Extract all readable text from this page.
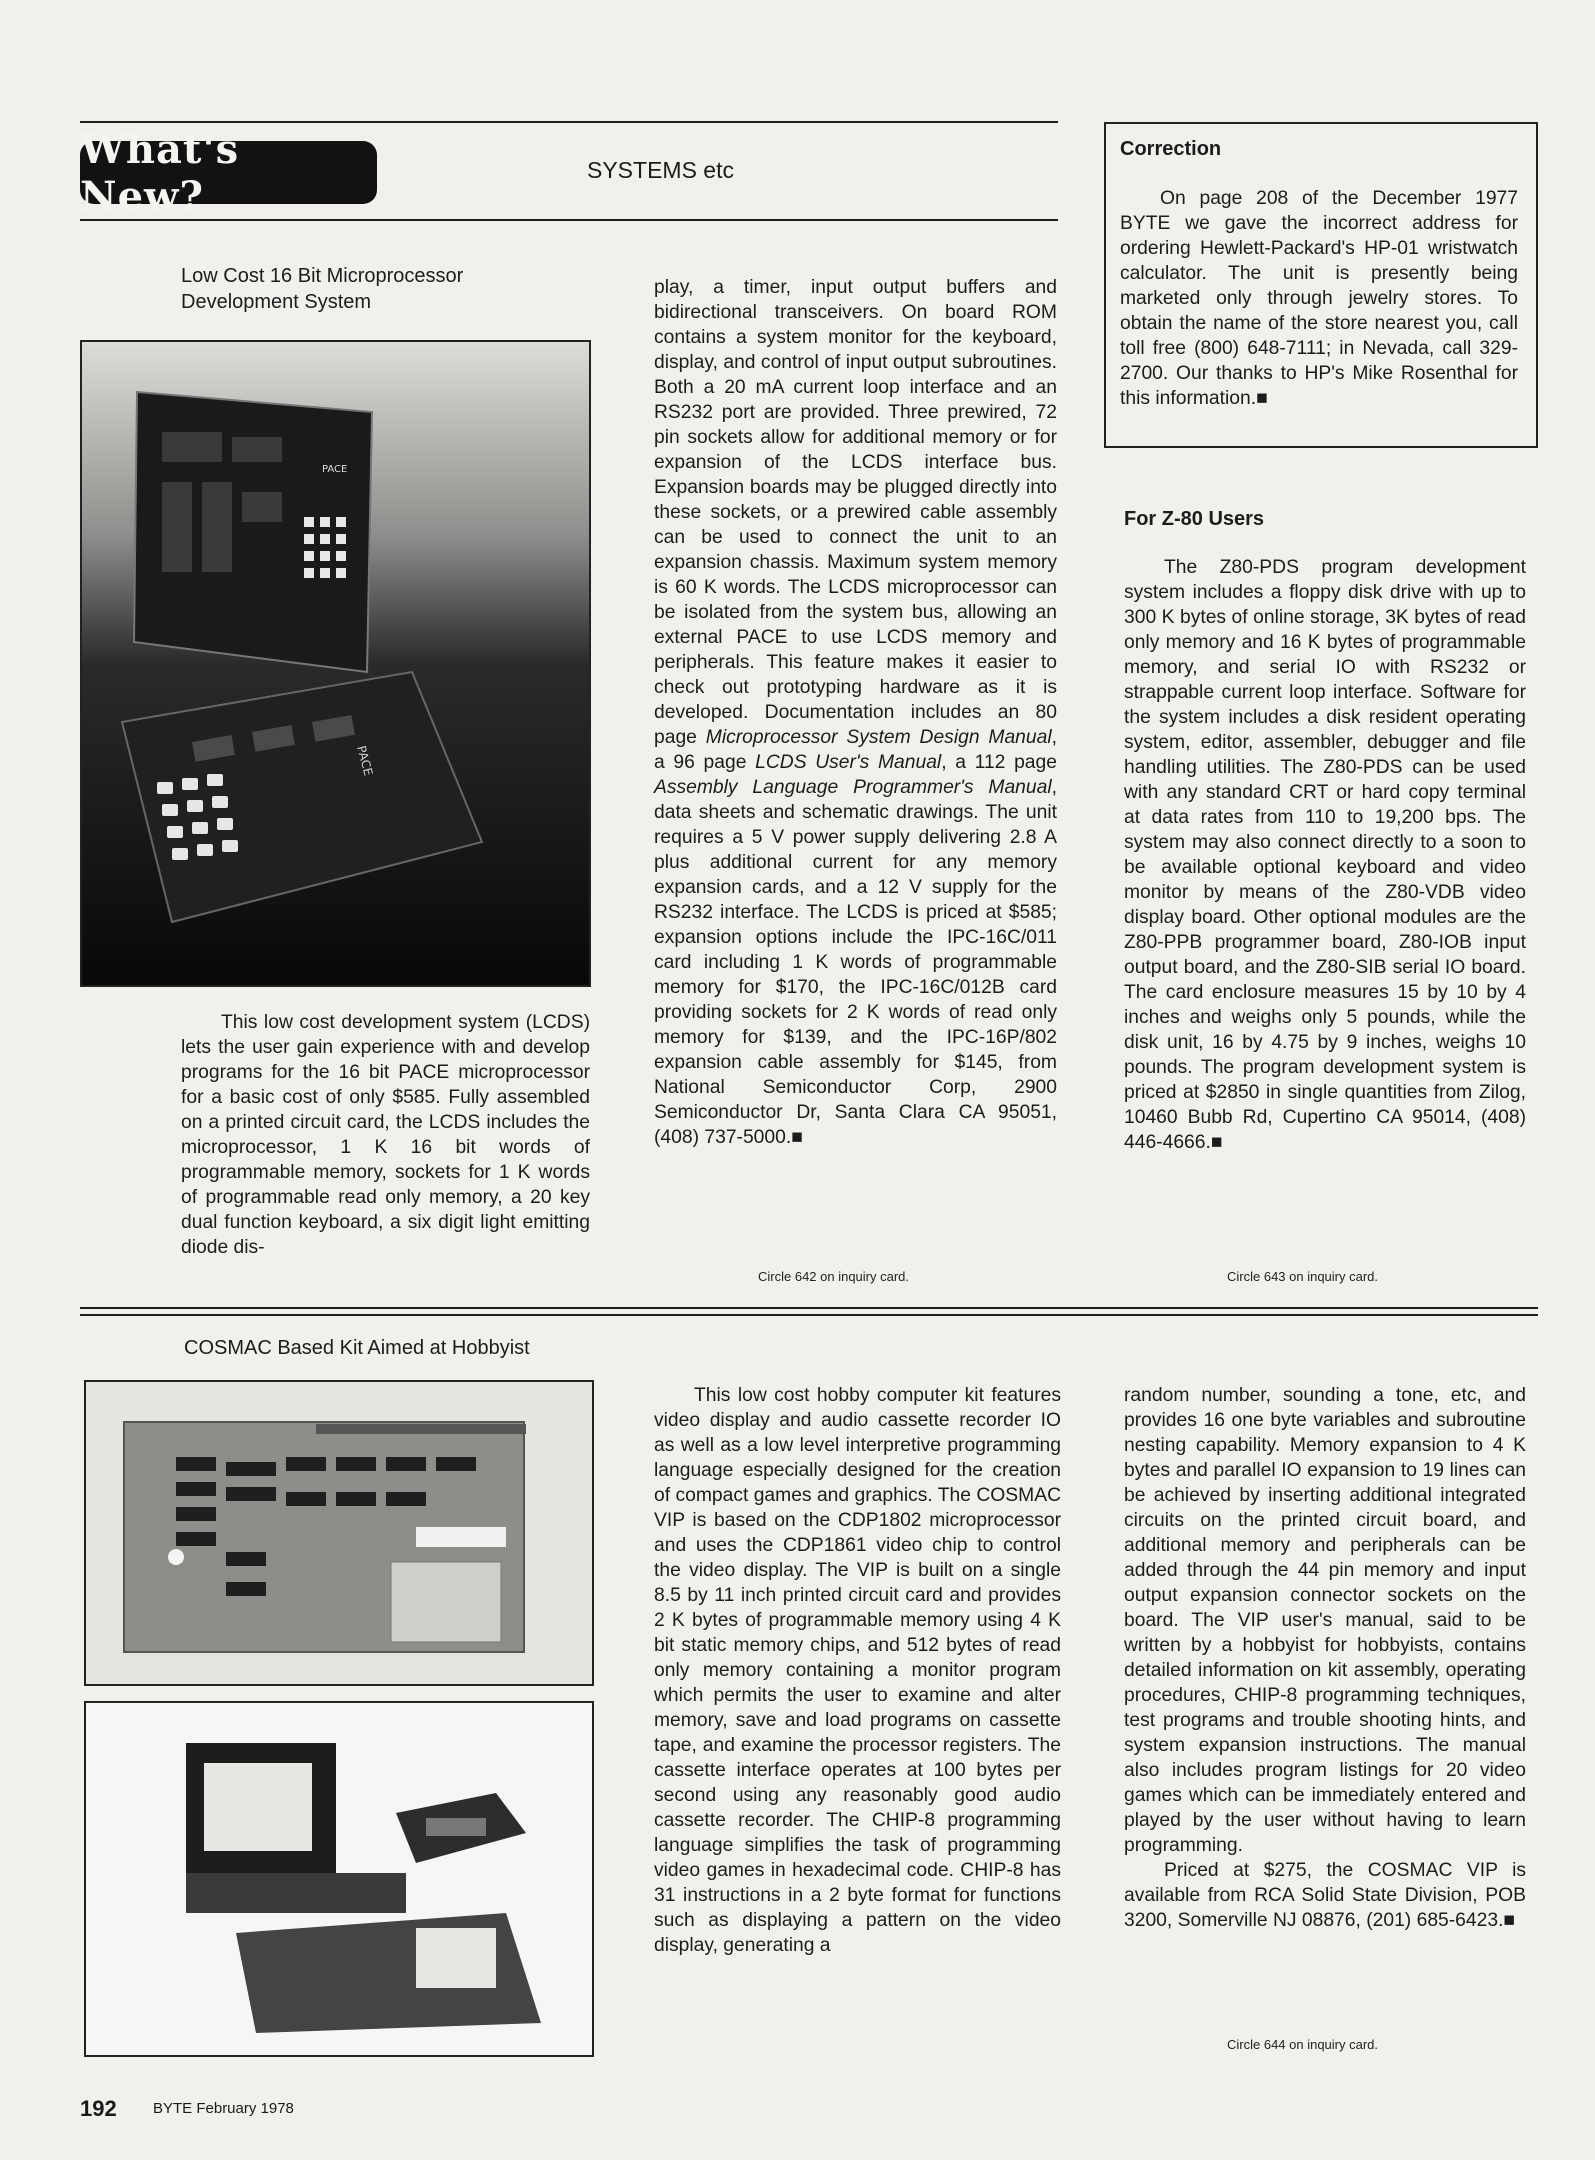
What's New?
SYSTEMS etc
Low Cost 16 Bit Microprocessor Development System
PACE
PACE

This low cost development system (LCDS) lets the user gain experience with and develop programs for the 16 bit PACE microprocessor for a basic cost of only $585. Fully assembled on a printed circuit card, the LCDS includes the microprocessor, 1 K 16 bit words of programmable memory, sockets for 1 K words of programmable read only memory, a 20 key dual function keyboard, a six digit light emitting diode dis-

play, a timer, input output buffers and bidirectional transceivers. On board ROM contains a system monitor for the keyboard, display, and control of input output subroutines. Both a 20 mA current loop interface and an RS232 port are provided. Three prewired, 72 pin sockets allow for additional memory or for expansion of the LCDS interface bus. Expansion boards may be plugged directly into these sockets, or a prewired cable assembly can be used to connect the unit to an expansion chassis. Maximum system memory is 60 K words. The LCDS microprocessor can be isolated from the system bus, allowing an external PACE to use LCDS memory and peripherals. This feature makes it easier to check out prototyping hardware as it is developed. Documentation includes an 80 page Microprocessor System Design Manual, a 96 page LCDS User's Manual, a 112 page Assembly Language Programmer's Manual, data sheets and schematic drawings. The unit requires a 5 V power supply delivering 2.8 A plus additional current for any memory expansion cards, and a 12 V supply for the RS232 interface. The LCDS is priced at $585; expansion options include the IPC-16C/011 card including 1 K words of programmable memory for $170, the IPC-16C/012B card providing sockets for 2 K words of read only memory for $139, and the IPC-16P/802 expansion cable assembly for $145, from National Semiconductor Corp, 2900 Semiconductor Dr, Santa Clara CA 95051, (408) 737-5000.■

Circle 642 on inquiry card.
Correction

On page 208 of the December 1977 BYTE we gave the incorrect address for ordering Hewlett-Packard's HP-01 wristwatch calculator. The unit is presently being marketed only through jewelry stores. To obtain the name of the store nearest you, call toll free (800) 648-7111; in Nevada, call 329-2700. Our thanks to HP's Mike Rosenthal for this information.■

For Z-80 Users

The Z80-PDS program development system includes a floppy disk drive with up to 300 K bytes of online storage, 3K bytes of read only memory and 16 K bytes of programmable memory, and serial IO with RS232 or strappable current loop interface. Software for the system includes a disk resident operating system, editor, assembler, debugger and file handling utilities. The Z80-PDS can be used with any standard CRT or hard copy terminal at data rates from 110 to 19,200 bps. The system may also connect directly to a soon to be available optional keyboard and video monitor by means of the Z80-VDB video display board. Other optional modules are the Z80-PPB programmer board, Z80-IOB input output board, and the Z80-SIB serial IO board. The card enclosure measures 15 by 10 by 4 inches and weighs only 5 pounds, while the disk unit, 16 by 4.75 by 9 inches, weighs 10 pounds. The program development system is priced at $2850 in single quantities from Zilog, 10460 Bubb Rd, Cupertino CA 95014, (408) 446-4666.■

Circle 643 on inquiry card.
COSMAC Based Kit Aimed at Hobbyist

This low cost hobby computer kit features video display and audio cassette recorder IO as well as a low level interpretive programming language especially designed for the creation of compact games and graphics. The COSMAC VIP is based on the CDP1802 microprocessor and uses the CDP1861 video chip to control the video display. The VIP is built on a single 8.5 by 11 inch printed circuit card and provides 2 K bytes of programmable memory using 4 K bit static memory chips, and 512 bytes of read only memory containing a monitor program which permits the user to examine and alter memory, save and load programs on cassette tape, and examine the processor registers. The cassette interface operates at 100 bytes per second using any reasonably good audio cassette recorder. The CHIP-8 programming language simplifies the task of programming video games in hexadecimal code. CHIP-8 has 31 instructions in a 2 byte format for functions such as displaying a pattern on the video display, generating a

random number, sounding a tone, etc, and provides 16 one byte variables and subroutine nesting capability. Memory expansion to 4 K bytes and parallel IO expansion to 19 lines can be achieved by inserting additional integrated circuits on the printed circuit board, and additional memory and peripherals can be added through the 44 pin memory and input output expansion connector sockets on the board. The VIP user's manual, said to be written by a hobbyist for hobbyists, contains detailed information on kit assembly, operating procedures, CHIP-8 programming techniques, test programs and trouble shooting hints, and system expansion instructions. The manual also includes program listings for 20 video games which can be immediately entered and played by the user without having to learn programming.

Priced at $275, the COSMAC VIP is available from RCA Solid State Division, POB 3200, Somerville NJ 08876, (201) 685-6423.■

Circle 644 on inquiry card.
192 BYTE February 1978
